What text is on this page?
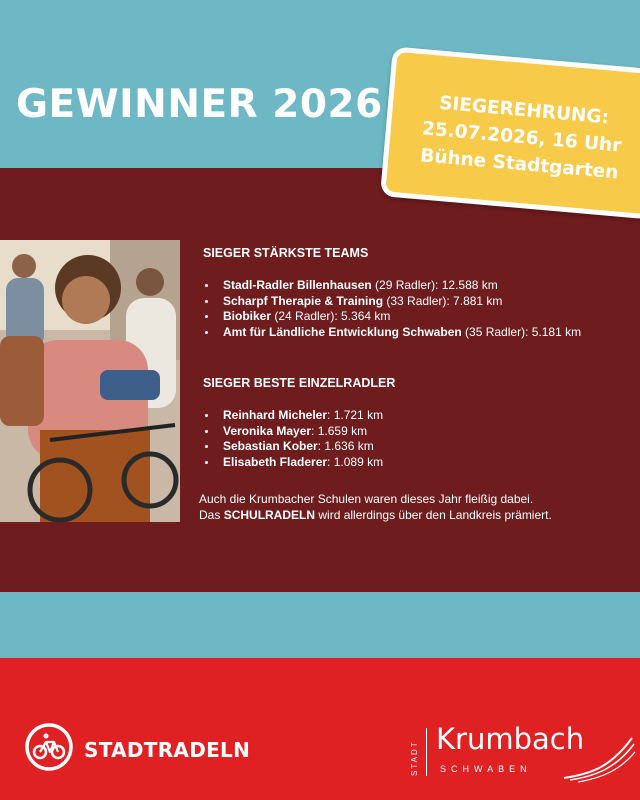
GEWINNER 2026	SIEGEREHRUNG:
25.07.2026, 16 Uhr
Bühne Stadtgarten
SIEGER STÄRKSTE TEAMS
Stadl-Radler Billenhausen (29 Radler): 12.588 km
Scharpf Therapie & Training (33 Radler): 7.881 km
Biobiker (24 Radler): 5.364 km
Amt für Ländliche Entwicklung Schwaben (35 Radler): 5.181 km
SIEGER BESTE EINZELRADLER
Reinhard Micheler: 1.721 km
Veronika Mayer: 1.659 km
Sebastian Kober: 1.636 km
Elisabeth Fladerer: 1.089 km

Auch die Krumbacher Schulen waren dieses Jahr fleißig dabei.
Das SCHULRADELN wird allerdings über den Landkreis prämiert.

STADTRADELN	STADT
Krumbach
SCHWABEN
